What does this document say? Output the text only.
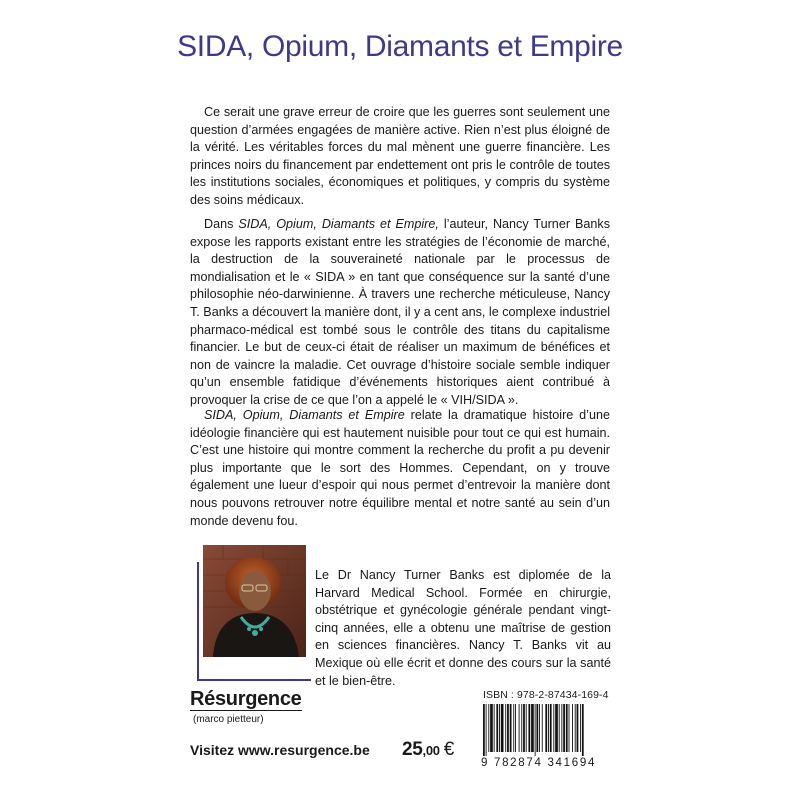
SIDA, Opium, Diamants et Empire
Ce serait une grave erreur de croire que les guerres sont seulement une question d’armées engagées de manière active. Rien n’est plus éloigné de la vérité. Les véritables forces du mal mènent une guerre financière. Les princes noirs du financement par endettement ont pris le contrôle de toutes les institutions sociales, économiques et politiques, y compris du système des soins médicaux.
Dans SIDA, Opium, Diamants et Empire, l’auteur, Nancy Turner Banks expose les rapports existant entre les stratégies de l’économie de marché, la destruction de la souveraineté nationale par le processus de mondialisation et le « SIDA » en tant que conséquence sur la santé d’une philosophie néo-darwinienne. À travers une recherche méticuleuse, Nancy T. Banks a découvert la manière dont, il y a cent ans, le complexe industriel pharmaco-médical est tombé sous le contrôle des titans du capitalisme financier. Le but de ceux-ci était de réaliser un maximum de bénéfices et non de vaincre la maladie. Cet ouvrage d’histoire sociale semble indiquer qu’un ensemble fatidique d’événements historiques aient contribué à provoquer la crise de ce que l’on a appelé le « VIH/SIDA ».
SIDA, Opium, Diamants et Empire relate la dramatique histoire d’une idéologie financière qui est hautement nuisible pour tout ce qui est humain. C’est une histoire qui montre comment la recherche du profit a pu devenir plus importante que le sort des Hommes. Cependant, on y trouve également une lueur d’espoir qui nous permet d’entrevoir la manière dont nous pouvons retrouver notre équilibre mental et notre santé au sein d’un monde devenu fou.
Le Dr Nancy Turner Banks est diplomée de la Harvard Medical School. Formée en chirurgie, obstétrique et gynécologie générale pendant vingt-cinq années, elle a obtenu une maîtrise de gestion en sciences financières. Nancy T. Banks vit au Mexique où elle écrit et donne des cours sur la santé et le bien-être.
Résurgence
(marco pietteur)
Visitez www.resurgence.be 25,00 €
ISBN : 978-2-87434-169-4
9 782874 341694
